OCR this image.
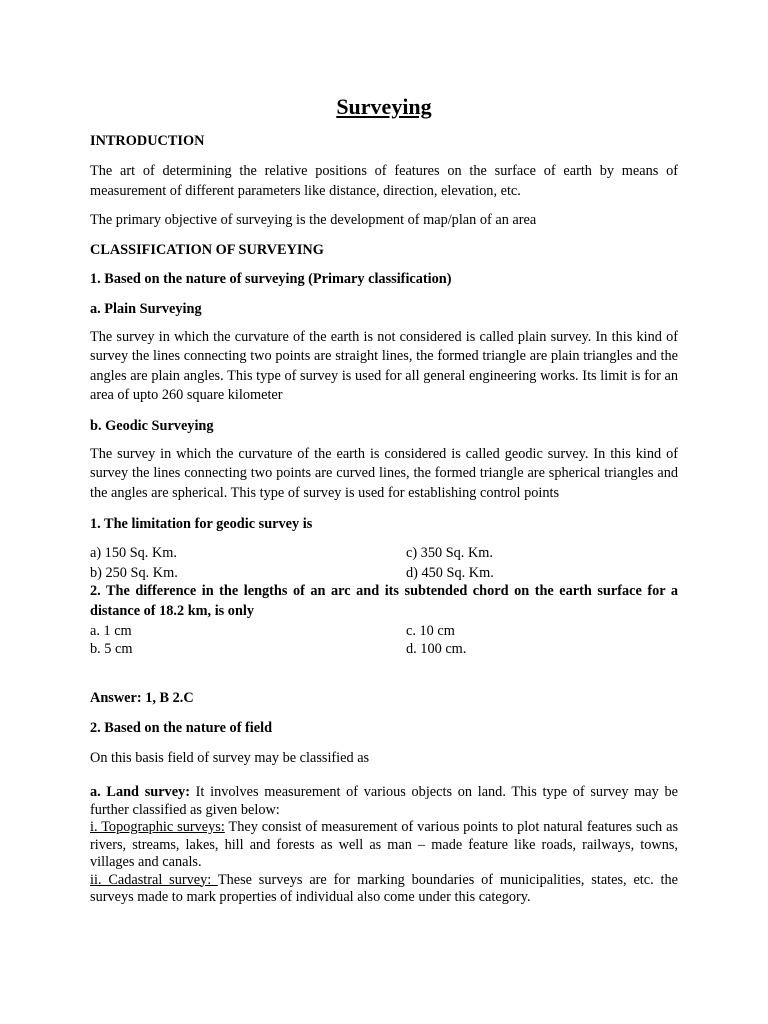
Surveying
INTRODUCTION
The art of determining the relative positions of features on the surface of earth by means of measurement of different parameters like distance, direction, elevation, etc.
The primary objective of surveying is the development of map/plan of an area
CLASSIFICATION OF SURVEYING
1. Based on the nature of surveying (Primary classification)
a. Plain Surveying
The survey in which the curvature of the earth is not considered is called plain survey. In this kind of survey the lines connecting two points are straight lines, the formed triangle are plain triangles and the angles are plain angles. This type of survey is used for all general engineering works. Its limit is for an area of upto 260 square kilometer
b. Geodic Surveying
The survey in which the curvature of the earth is considered is called geodic survey. In this kind of survey the lines connecting two points are curved lines, the formed triangle are spherical triangles and the angles are spherical. This type of survey is used for establishing control points
1. The limitation for geodic survey is
a) 150 Sq. Km.	c) 350 Sq. Km.
b) 250 Sq. Km.	d) 450 Sq. Km.
2. The difference in the lengths of an arc and its subtended chord on the earth surface for a distance of 18.2 km, is only
a. 1 cm	c. 10 cm
b. 5 cm	d. 100 cm.
Answer: 1, B 2.C
2. Based on the nature of field
On this basis field of survey may be classified as
a. Land survey: It involves measurement of various objects on land. This type of survey may be further classified as given below:
i. Topographic surveys: They consist of measurement of various points to plot natural features such as rivers, streams, lakes, hill and forests as well as man – made feature like roads, railways, towns, villages and canals.
ii. Cadastral survey: These surveys are for marking boundaries of municipalities, states, etc. the surveys made to mark properties of individual also come under this category.
